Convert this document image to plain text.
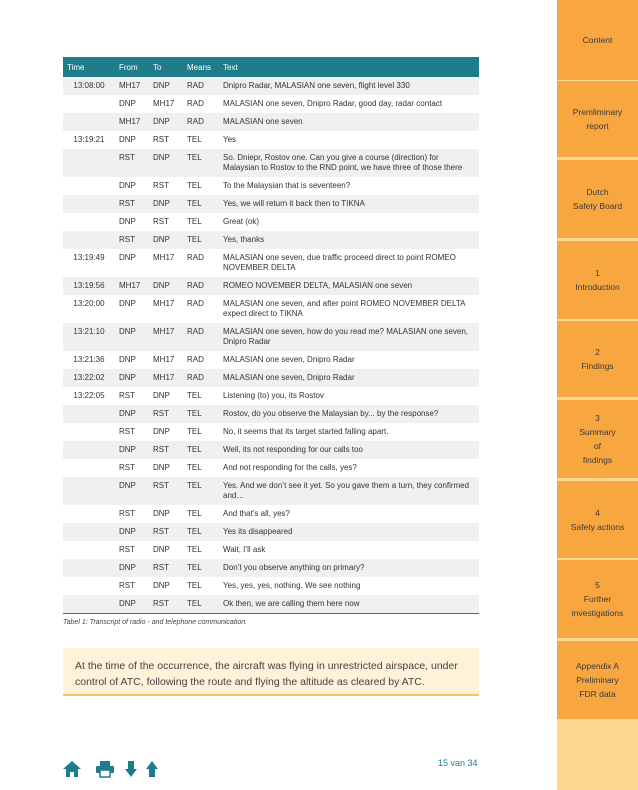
Content
Premliminary
report
Dutch
Safety Board
1
Introduction
2
Findings
3
Summary
of
findings
4
Safety actions
5
Further
investigations
Appendix A
Preliminary
FDR data
Time	From	To	Means	Text
13:08:00	MH17	DNP	RAD	Dnipro Radar, MALASIAN one seven, flight level 330
	DNP	MH17	RAD	MALASIAN one seven, Dnipro Radar, good day, radar contact
	MH17	DNP	RAD	MALASIAN one seven
13:19:21	DNP	RST	TEL	Yes
	RST	DNP	TEL	So. Dniepr, Rostov one. Can you give a course (direction) for Malaysian to Rostov to the RND point, we have three of those there
	DNP	RST	TEL	To the Malaysian that is seventeen?
	RST	DNP	TEL	Yes, we will return it back then to TIKNA
	DNP	RST	TEL	Great (ok)
	RST	DNP	TEL	Yes, thanks
13:19:49	DNP	MH17	RAD	MALASIAN one seven, due traffic proceed direct to point ROMEO NOVEMBER DELTA
13:19:56	MH17	DNP	RAD	ROMEO NOVEMBER DELTA, MALASIAN one seven
13:20:00	DNP	MH17	RAD	MALASIAN one seven, and after point ROMEO NOVEMBER DELTA expect direct to TIKNA
13:21:10	DNP	MH17	RAD	MALASIAN one seven, how do you read me? MALASIAN one seven, Dnipro Radar
13:21:36	DNP	MH17	RAD	MALASIAN one seven, Dnipro Radar
13:22:02	DNP	MH17	RAD	MALASIAN one seven, Dnipro Radar
13:22:05	RST	DNP	TEL	Listening (to) you, its Rostov
	DNP	RST	TEL	Rostov, do you observe the Malaysian by... by the response?
	RST	DNP	TEL	No, it seems that its target started falling apart.
	DNP	RST	TEL	Well, its not responding for our calls too
	RST	DNP	TEL	And not responding for the calls, yes?
	DNP	RST	TEL	Yes. And we don’t see it yet. So you gave them a turn, they confirmed and…
	RST	DNP	TEL	And that’s all, yes?
	DNP	RST	TEL	Yes its disappeared
	RST	DNP	TEL	Wait, I’ll ask
	DNP	RST	TEL	Don’t you observe anything on primary?
	RST	DNP	TEL	Yes, yes, yes, nothing. We see nothing
	DNP	RST	TEL	Ok then, we are calling them here now
Tabel 1: Transcript of radio - and telephone communication.
At the time of the occurrence, the aircraft was flying in unrestricted airspace, under control of ATC, following the route and flying the altitude as cleared by ATC.
15 van 34
